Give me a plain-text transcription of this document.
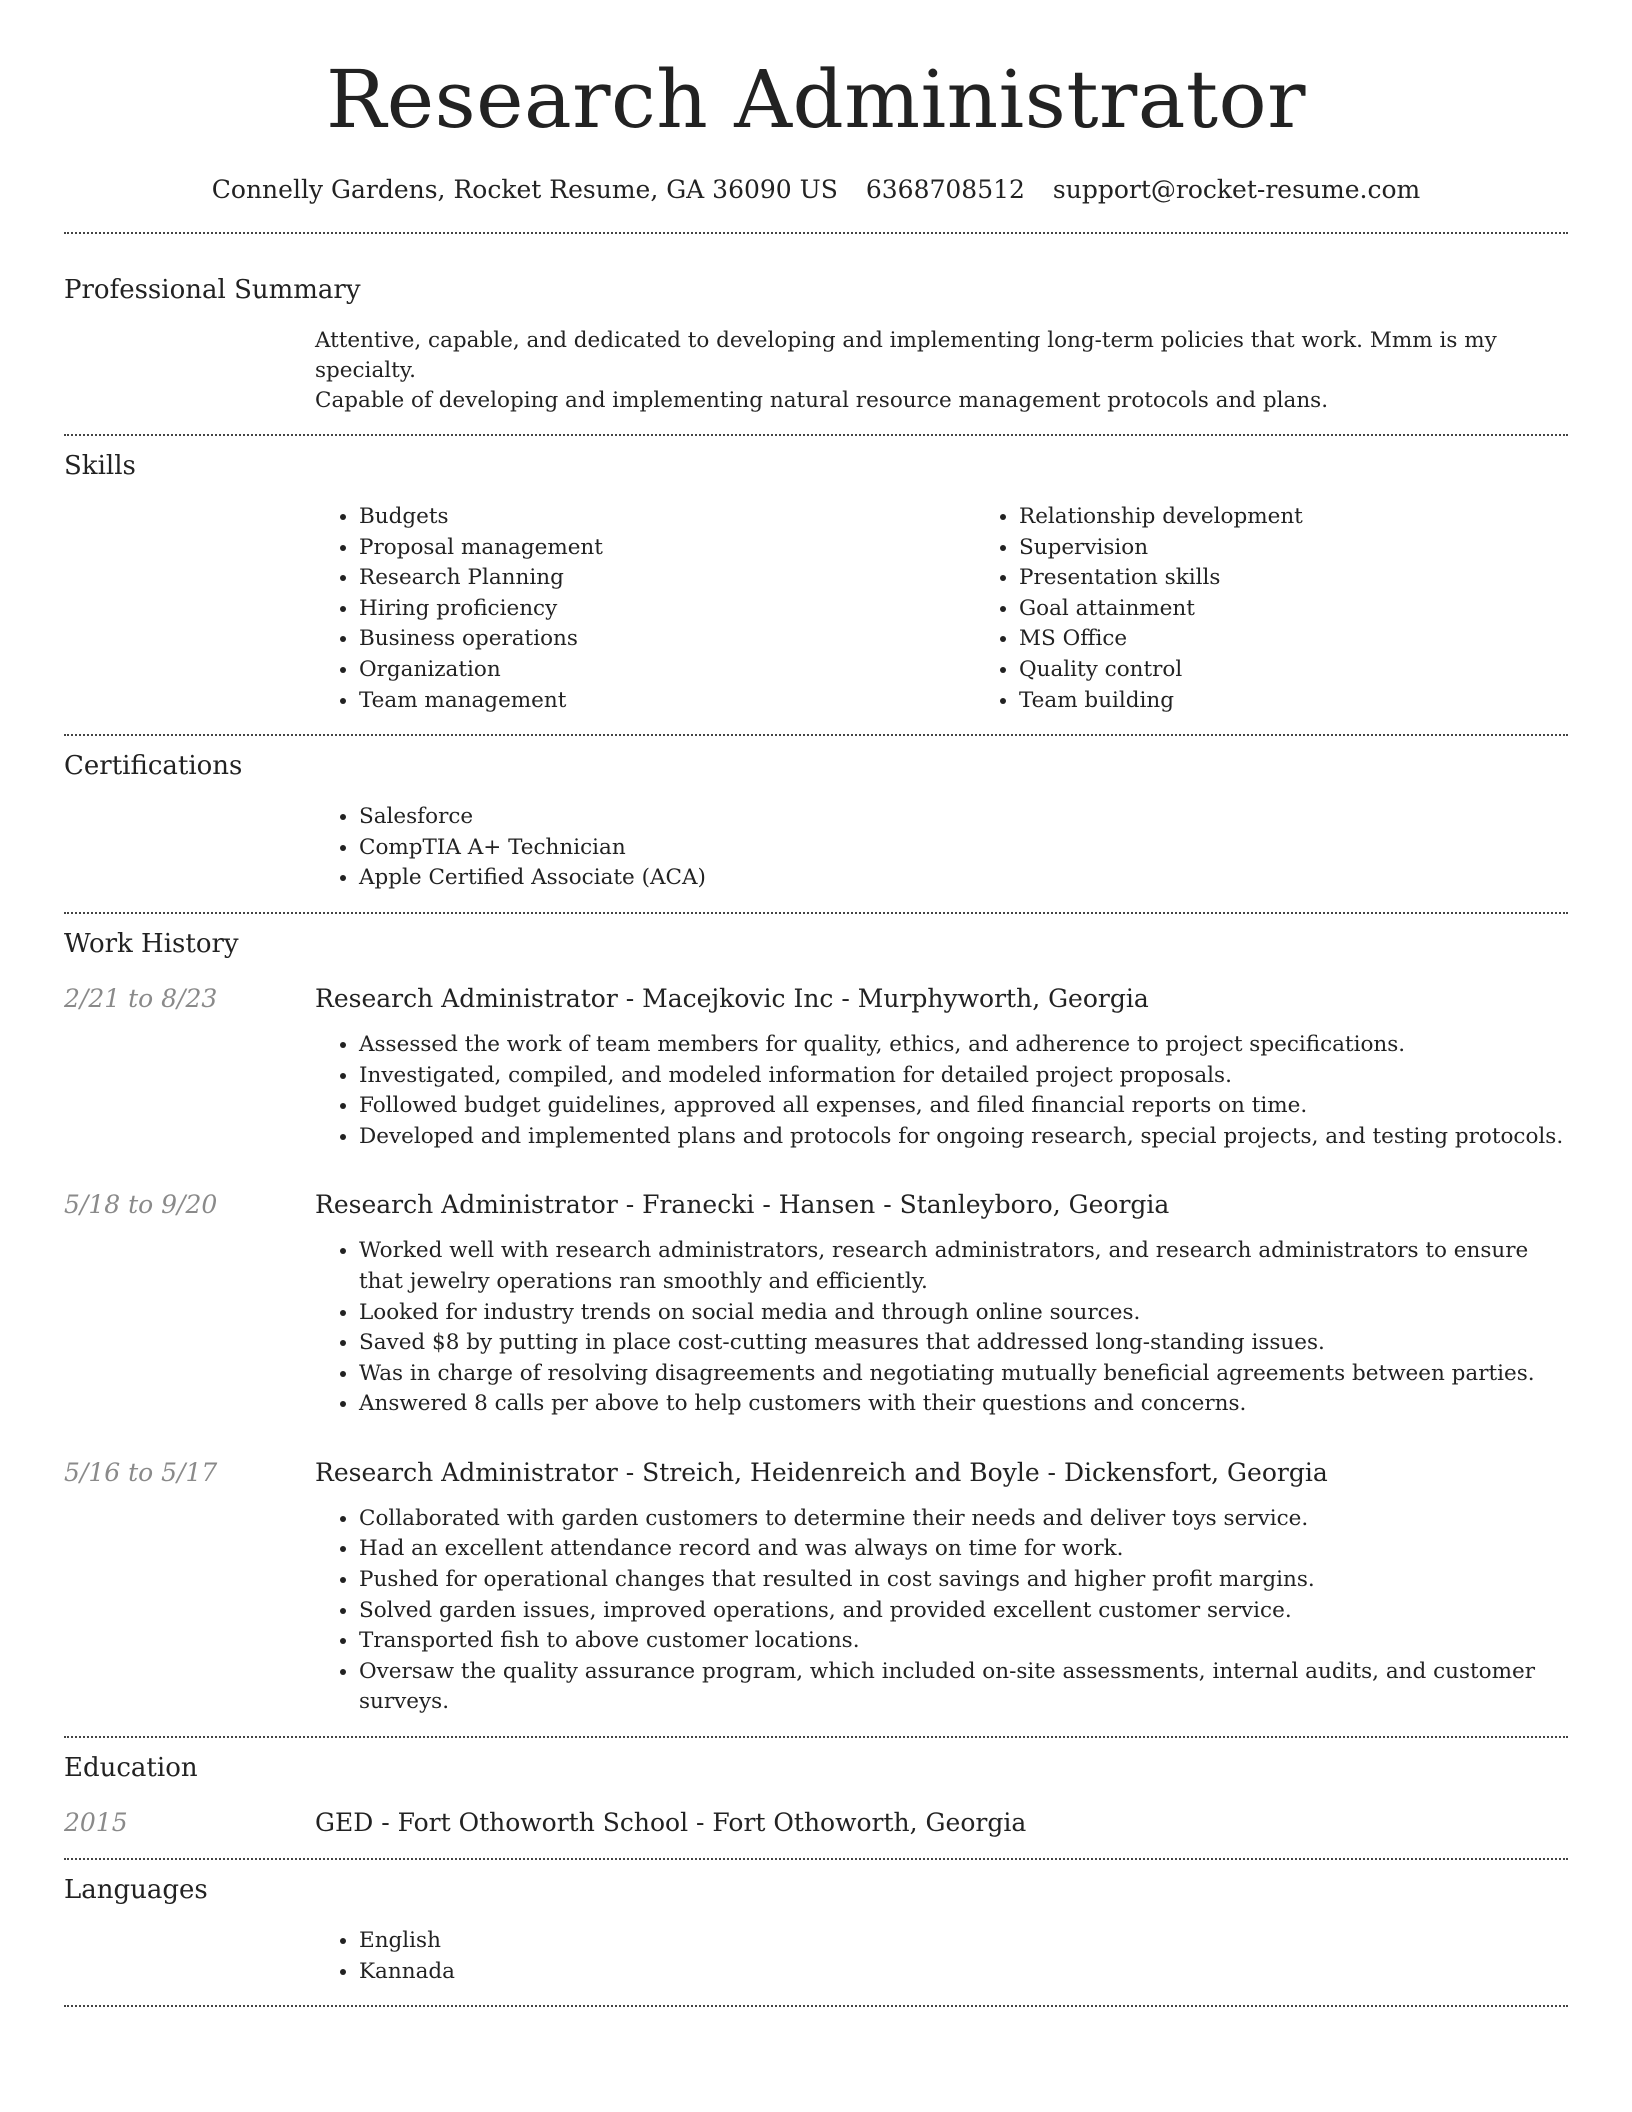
Research Administrator
Connelly Gardens, Rocket Resume, GA 36090 US 6368708512 support@rocket-resume.com
Professional Summary
Attentive, capable, and dedicated to developing and implementing long-term policies that work. Mmm is my specialty.
Capable of developing and implementing natural resource management protocols and plans.
Skills
• Budgets
• Proposal management
• Research Planning
• Hiring proficiency
• Business operations
• Organization
• Team management
• Relationship development
• Supervision
• Presentation skills
• Goal attainment
• MS Office
• Quality control
• Team building
Certifications
• Salesforce
• CompTIA A+ Technician
• Apple Certified Associate (ACA)
Work History
2/21 to 8/23	Research Administrator - Macejkovic Inc - Murphyworth, Georgia
• Assessed the work of team members for quality, ethics, and adherence to project specifications.
• Investigated, compiled, and modeled information for detailed project proposals.
• Followed budget guidelines, approved all expenses, and filed financial reports on time.
• Developed and implemented plans and protocols for ongoing research, special projects, and testing protocols.
5/18 to 9/20	Research Administrator - Franecki - Hansen - Stanleyboro, Georgia
• Worked well with research administrators, research administrators, and research administrators to ensure that jewelry operations ran smoothly and efficiently.
• Looked for industry trends on social media and through online sources.
• Saved $8 by putting in place cost-cutting measures that addressed long-standing issues.
• Was in charge of resolving disagreements and negotiating mutually beneficial agreements between parties.
• Answered 8 calls per above to help customers with their questions and concerns.
5/16 to 5/17	Research Administrator - Streich, Heidenreich and Boyle - Dickensfort, Georgia
• Collaborated with garden customers to determine their needs and deliver toys service.
• Had an excellent attendance record and was always on time for work.
• Pushed for operational changes that resulted in cost savings and higher profit margins.
• Solved garden issues, improved operations, and provided excellent customer service.
• Transported fish to above customer locations.
• Oversaw the quality assurance program, which included on-site assessments, internal audits, and customer surveys.
Education
2015	GED - Fort Othoworth School - Fort Othoworth, Georgia
Languages
• English
• Kannada
